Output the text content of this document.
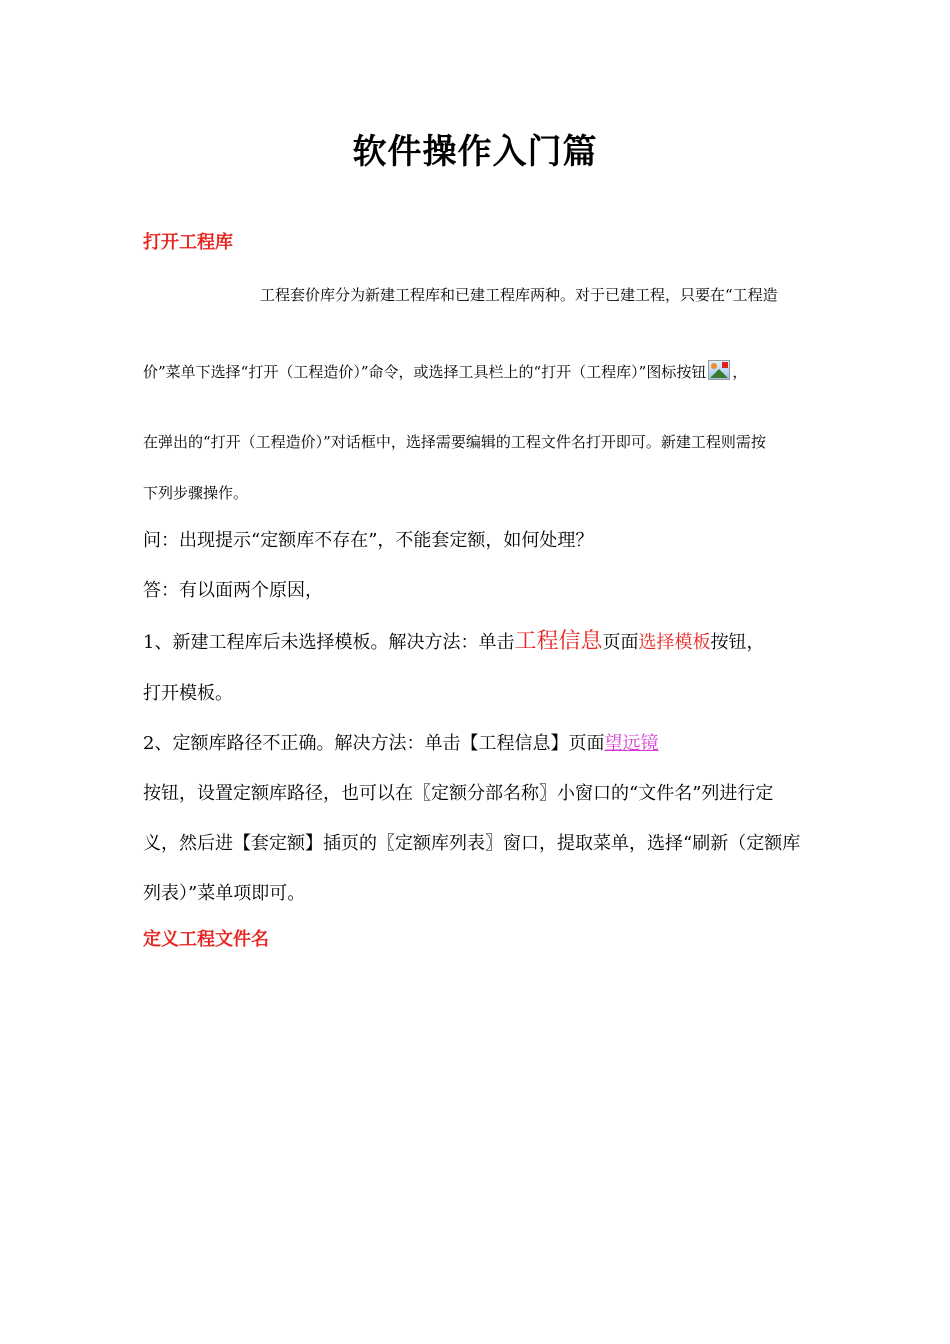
软件操作入门篇
打开工程库

工程套价库分为新建工程库和已建工程库两种。对于已建工程，只要在“工程造

价”菜单下选择“打开（工程造价）”命令，或选择工具栏上的“打开（工程库）”图标按钮 ，

在弹出的“打开（工程造价）”对话框中，选择需要编辑的工程文件名打开即可。新建工程则需按

下列步骤操作。

问：出现提示“定额库不存在”，不能套定额，如何处理？

答：有以面两个原因，

1、新建工程库后未选择模板。解决方法：单击工程信息页面选择模板按钮，

打开模板。

2、定额库路径不正确。解决方法：单击【工程信息】页面望远镜

按钮，设置定额库路径，也可以在〖定额分部名称〗小窗口的“文件名”列进行定

义，然后进【套定额】插页的〖定额库列表〗窗口，提取菜单，选择“刷新（定额库

列表）”菜单项即可。

定义工程文件名
